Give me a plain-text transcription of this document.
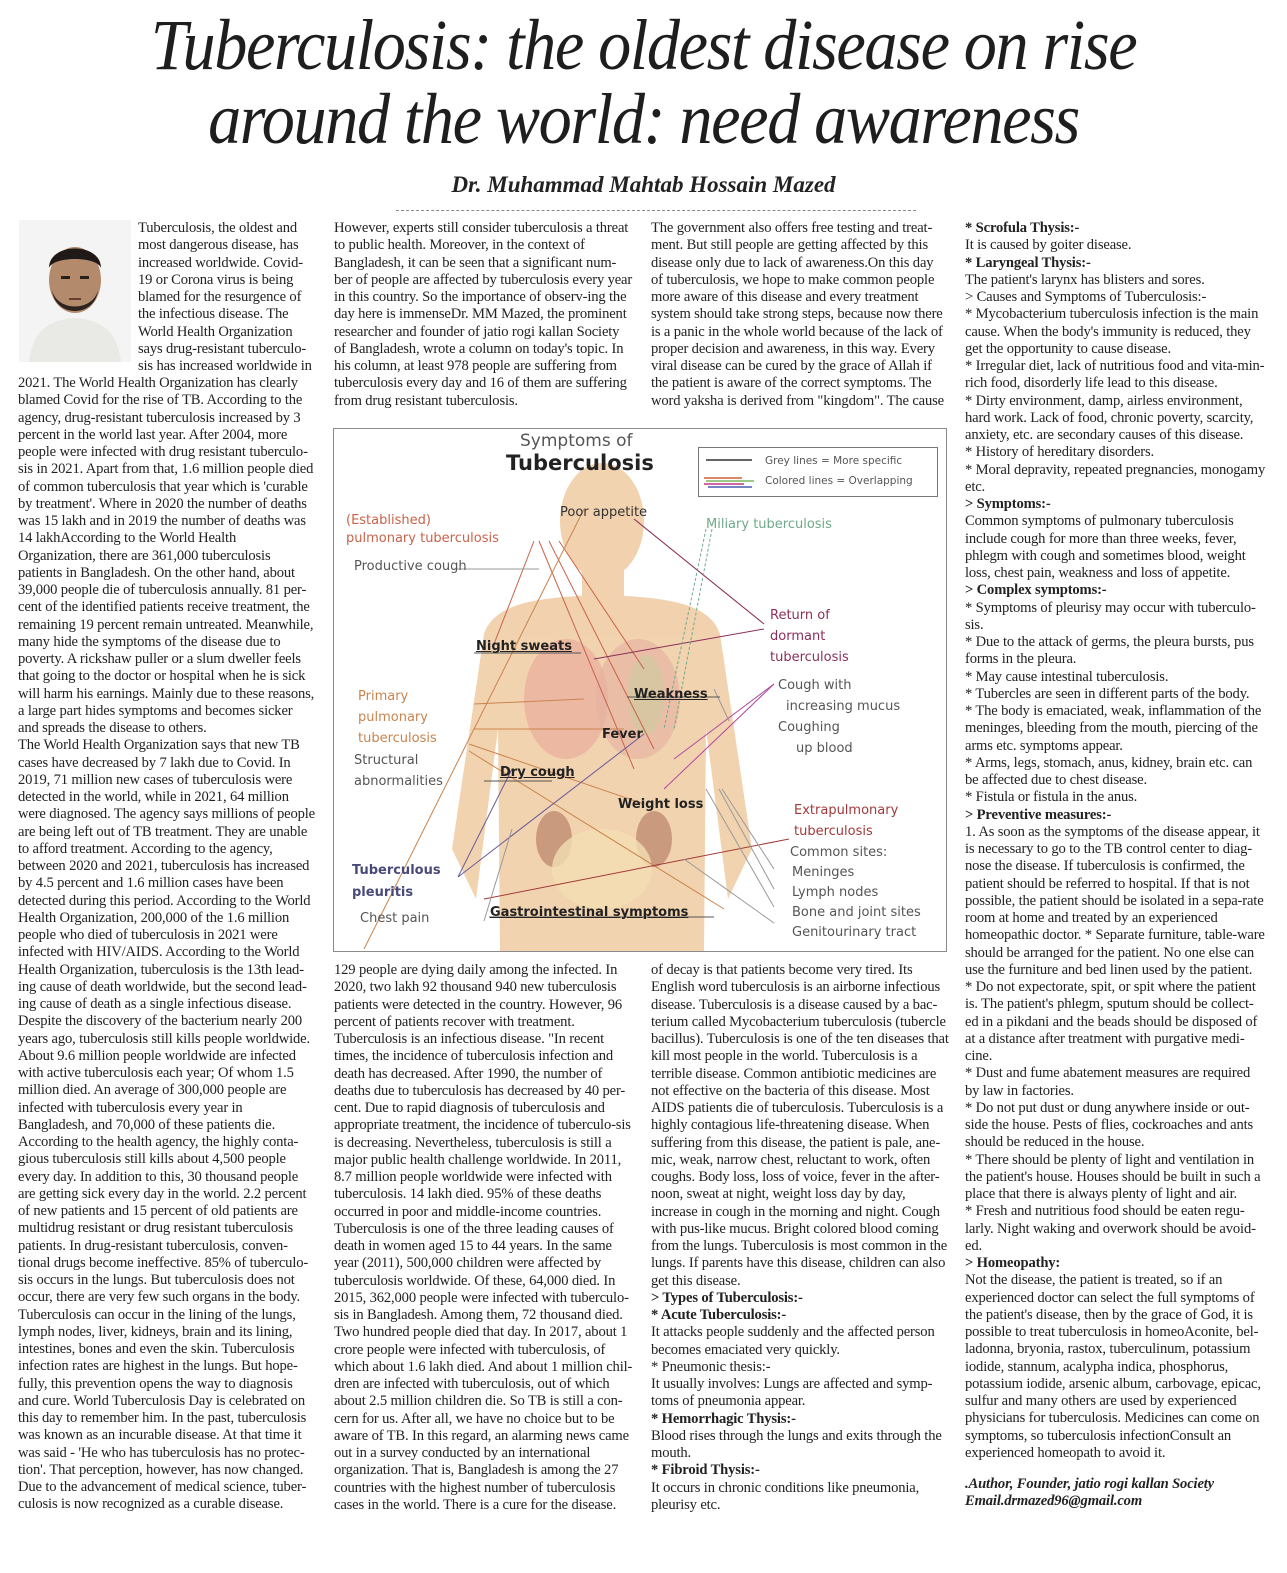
Tuberculosis: the oldest disease on rise
around the world: need awareness
Dr. Muhammad Mahtab Hossain Mazed

Tuberculosis, the oldest and most dangerous disease, has increased worldwide. Covid-19 or Corona virus is being blamed for the resurgence of the infectious disease. The World Health Organization says drug-resistant tuberculo-sis has increased worldwide in

2021. The World Health Organization has clearly blamed Covid for the rise of TB. According to the agency, drug-resistant tuberculosis increased by 3 percent in the world last year. After 2004, more people were infected with drug resistant tuberculo-sis in 2021. Apart from that, 1.6 million people died of common tuberculosis that year which is 'curable by treatment'. Where in 2020 the number of deaths was 15 lakh and in 2019 the number of deaths was 14 lakhAccording to the World Health Organization, there are 361,000 tuberculosis patients in Bangladesh. On the other hand, about 39,000 people die of tuberculosis annually. 81 per-cent of the identified patients receive treatment, the remaining 19 percent remain untreated. Meanwhile, many hide the symptoms of the disease due to poverty. A rickshaw puller or a slum dweller feels that going to the doctor or hospital when he is sick will harm his earnings. Mainly due to these reasons, a large part hides symptoms and becomes sicker and spreads the disease to others.

The World Health Organization says that new TB cases have decreased by 7 lakh due to Covid. In 2019, 71 million new cases of tuberculosis were detected in the world, while in 2021, 64 million were diagnosed. The agency says millions of people are being left out of TB treatment. They are unable to afford treatment. According to the agency, between 2020 and 2021, tuberculosis has increased by 4.5 percent and 1.6 million cases have been detected during this period. According to the World Health Organization, 200,000 of the 1.6 million people who died of tuberculosis in 2021 were infected with HIV/AIDS. According to the World Health Organization, tuberculosis is the 13th lead-ing cause of death worldwide, but the second lead-ing cause of death as a single infectious disease.

Despite the discovery of the bacterium nearly 200 years ago, tuberculosis still kills people worldwide. About 9.6 million people worldwide are infected with active tuberculosis each year; Of whom 1.5 million died. An average of 300,000 people are infected with tuberculosis every year in Bangladesh, and 70,000 of these patients die. According to the health agency, the highly conta-gious tuberculosis still kills about 4,500 people every day. In addition to this, 30 thousand people are getting sick every day in the world. 2.2 percent of new patients and 15 percent of old patients are multidrug resistant or drug resistant tuberculosis patients. In drug-resistant tuberculosis, conven-tional drugs become ineffective. 85% of tuberculo-sis occurs in the lungs. But tuberculosis does not occur, there are very few such organs in the body. Tuberculosis can occur in the lining of the lungs, lymph nodes, liver, kidneys, brain and its lining, intestines, bones and even the skin. Tuberculosis infection rates are highest in the lungs. But hope-fully, this prevention opens the way to diagnosis and cure. World Tuberculosis Day is celebrated on this day to remember him. In the past, tuberculosis was known as an incurable disease. At that time it was said - 'He who has tuberculosis has no protec-tion'. That perception, however, has now changed. Due to the advancement of medical science, tuber-culosis is now recognized as a curable disease.

However, experts still consider tuberculosis a threat to public health. Moreover, in the context of Bangladesh, it can be seen that a significant num-ber of people are affected by tuberculosis every year in this country. So the importance of observ-ing the day here is immenseDr. MM Mazed, the prominent researcher and founder of jatio rogi kallan Society of Bangladesh, wrote a column on today's topic. In his column, at least 978 people are suffering from tuberculosis every day and 16 of them are suffering from drug resistant tuberculosis.

129 people are dying daily among the infected. In 2020, two lakh 92 thousand 940 new tuberculosis patients were detected in the country. However, 96 percent of patients recover with treatment. Tuberculosis is an infectious disease. "In recent times, the incidence of tuberculosis infection and death has decreased. After 1990, the number of deaths due to tuberculosis has decreased by 40 per-cent. Due to rapid diagnosis of tuberculosis and appropriate treatment, the incidence of tuberculo-sis is decreasing. Nevertheless, tuberculosis is still a major public health challenge worldwide. In 2011, 8.7 million people worldwide were infected with tuberculosis. 14 lakh died. 95% of these deaths occurred in poor and middle-income countries. Tuberculosis is one of the three leading causes of death in women aged 15 to 44 years. In the same year (2011), 500,000 children were affected by tuberculosis worldwide. Of these, 64,000 died. In 2015, 362,000 people were infected with tuberculo-sis in Bangladesh. Among them, 72 thousand died. Two hundred people died that day. In 2017, about 1 crore people were infected with tuberculosis, of which about 1.6 lakh died. And about 1 million chil-dren are infected with tuberculosis, out of which about 2.5 million children die. So TB is still a con-cern for us. After all, we have no choice but to be aware of TB. In this regard, an alarming news came out in a survey conducted by an international organization. That is, Bangladesh is among the 27 countries with the highest number of tuberculosis cases in the world. There is a cure for the disease.

The government also offers free testing and treat-ment. But still people are getting affected by this disease only due to lack of awareness.On this day of tuberculosis, we hope to make common people more aware of this disease and every treatment system should take strong steps, because now there is a panic in the whole world because of the lack of proper decision and awareness, in this way. Every viral disease can be cured by the grace of Allah if the patient is aware of the correct symptoms. The word yaksha is derived from "kingdom". The cause

of decay is that patients become very tired. Its English word tuberculosis is an airborne infectious disease. Tuberculosis is a disease caused by a bac-terium called Mycobacterium tuberculosis (tubercle bacillus). Tuberculosis is one of the ten diseases that kill most people in the world. Tuberculosis is a terrible disease. Common antibiotic medicines are not effective on the bacteria of this disease. Most AIDS patients die of tuberculosis. Tuberculosis is a highly contagious life-threatening disease. When suffering from this disease, the patient is pale, ane-mic, weak, narrow chest, reluctant to work, often coughs. Body loss, loss of voice, fever in the after-noon, sweat at night, weight loss day by day, increase in cough in the morning and night. Cough with pus-like mucus. Bright colored blood coming from the lungs. Tuberculosis is most common in the lungs. If parents have this disease, children can also get this disease.

> Types of Tuberculosis:-

* Acute Tuberculosis:-

It attacks people suddenly and the affected person becomes emaciated very quickly.

* Pneumonic thesis:-

It usually involves: Lungs are affected and symp-toms of pneumonia appear.

* Hemorrhagic Thysis:-

Blood rises through the lungs and exits through the mouth.

* Fibroid Thysis:-

It occurs in chronic conditions like pneumonia, pleurisy etc.

* Scrofula Thysis:-

It is caused by goiter disease.

* Laryngeal Thysis:-

The patient's larynx has blisters and sores.

> Causes and Symptoms of Tuberculosis:-

* Mycobacterium tuberculosis infection is the main cause. When the body's immunity is reduced, they get the opportunity to cause disease.

* Irregular diet, lack of nutritious food and vita-min-rich food, disorderly life lead to this disease.

* Dirty environment, damp, airless environment, hard work. Lack of food, chronic poverty, scarcity, anxiety, etc. are secondary causes of this disease.

* History of hereditary disorders.

* Moral depravity, repeated pregnancies, monogamy etc.

> Symptoms:-

Common symptoms of pulmonary tuberculosis include cough for more than three weeks, fever, phlegm with cough and sometimes blood, weight loss, chest pain, weakness and loss of appetite.

> Complex symptoms:-

* Symptoms of pleurisy may occur with tuberculo-sis.

* Due to the attack of germs, the pleura bursts, pus forms in the pleura.

* May cause intestinal tuberculosis.

* Tubercles are seen in different parts of the body.

* The body is emaciated, weak, inflammation of the meninges, bleeding from the mouth, piercing of the arms etc. symptoms appear.

* Arms, legs, stomach, anus, kidney, brain etc. can be affected due to chest disease.

* Fistula or fistula in the anus.

> Preventive measures:-

1. As soon as the symptoms of the disease appear, it is necessary to go to the TB control center to diag-nose the disease. If tuberculosis is confirmed, the patient should be referred to hospital. If that is not possible, the patient should be isolated in a sepa-rate room at home and treated by an experienced homeopathic doctor. * Separate furniture, table-ware should be arranged for the patient. No one else can use the furniture and bed linen used by the patient.

* Do not expectorate, spit, or spit where the patient is. The patient's phlegm, sputum should be collect-ed in a pikdani and the beads should be disposed of at a distance after treatment with purgative medi-cine.

* Dust and fume abatement measures are required by law in factories.

* Do not put dust or dung anywhere inside or out-side the house. Pests of flies, cockroaches and ants should be reduced in the house.

* There should be plenty of light and ventilation in the patient's house. Houses should be built in such a place that there is always plenty of light and air.

* Fresh and nutritious food should be eaten regu-larly. Night waking and overwork should be avoid-ed.

> Homeopathy:

Not the disease, the patient is treated, so if an experienced doctor can select the full symptoms of the patient's disease, then by the grace of God, it is possible to treat tuberculosis in homeoAconite, bel-ladonna, bryonia, rastox, tuberculinum, potassium iodide, stannum, acalypha indica, phosphorus, potassium iodide, arsenic album, carbovage, epicac, sulfur and many others are used by experienced physicians for tuberculosis. Medicines can come on symptoms, so tuberculosis infectionConsult an experienced homeopath to avoid it.

.Author, Founder, jatio rogi kallan Society
Email.drmazed96@gmail.com

Symptoms of
Tuberculosis	Grey lines = More specific
Colored lines = Overlapping
(Established)
pulmonary tuberculosis
Productive cough
Poor appetite
Miliary tuberculosis
Night sweats
Return of
dormant
tuberculosis
Weakness
Cough with
increasing mucus
Coughing
up blood
Primary
pulmonary
tuberculosis	Fever
Structural
abnormalities
Dry cough
Weight loss	Extrapulmonary
tuberculosis
Common sites:
Meninges
Lymph nodes
Bone and joint sites
Genitourinary tract
Tuberculous
pleuritis
Chest pain	Gastrointestinal symptoms
